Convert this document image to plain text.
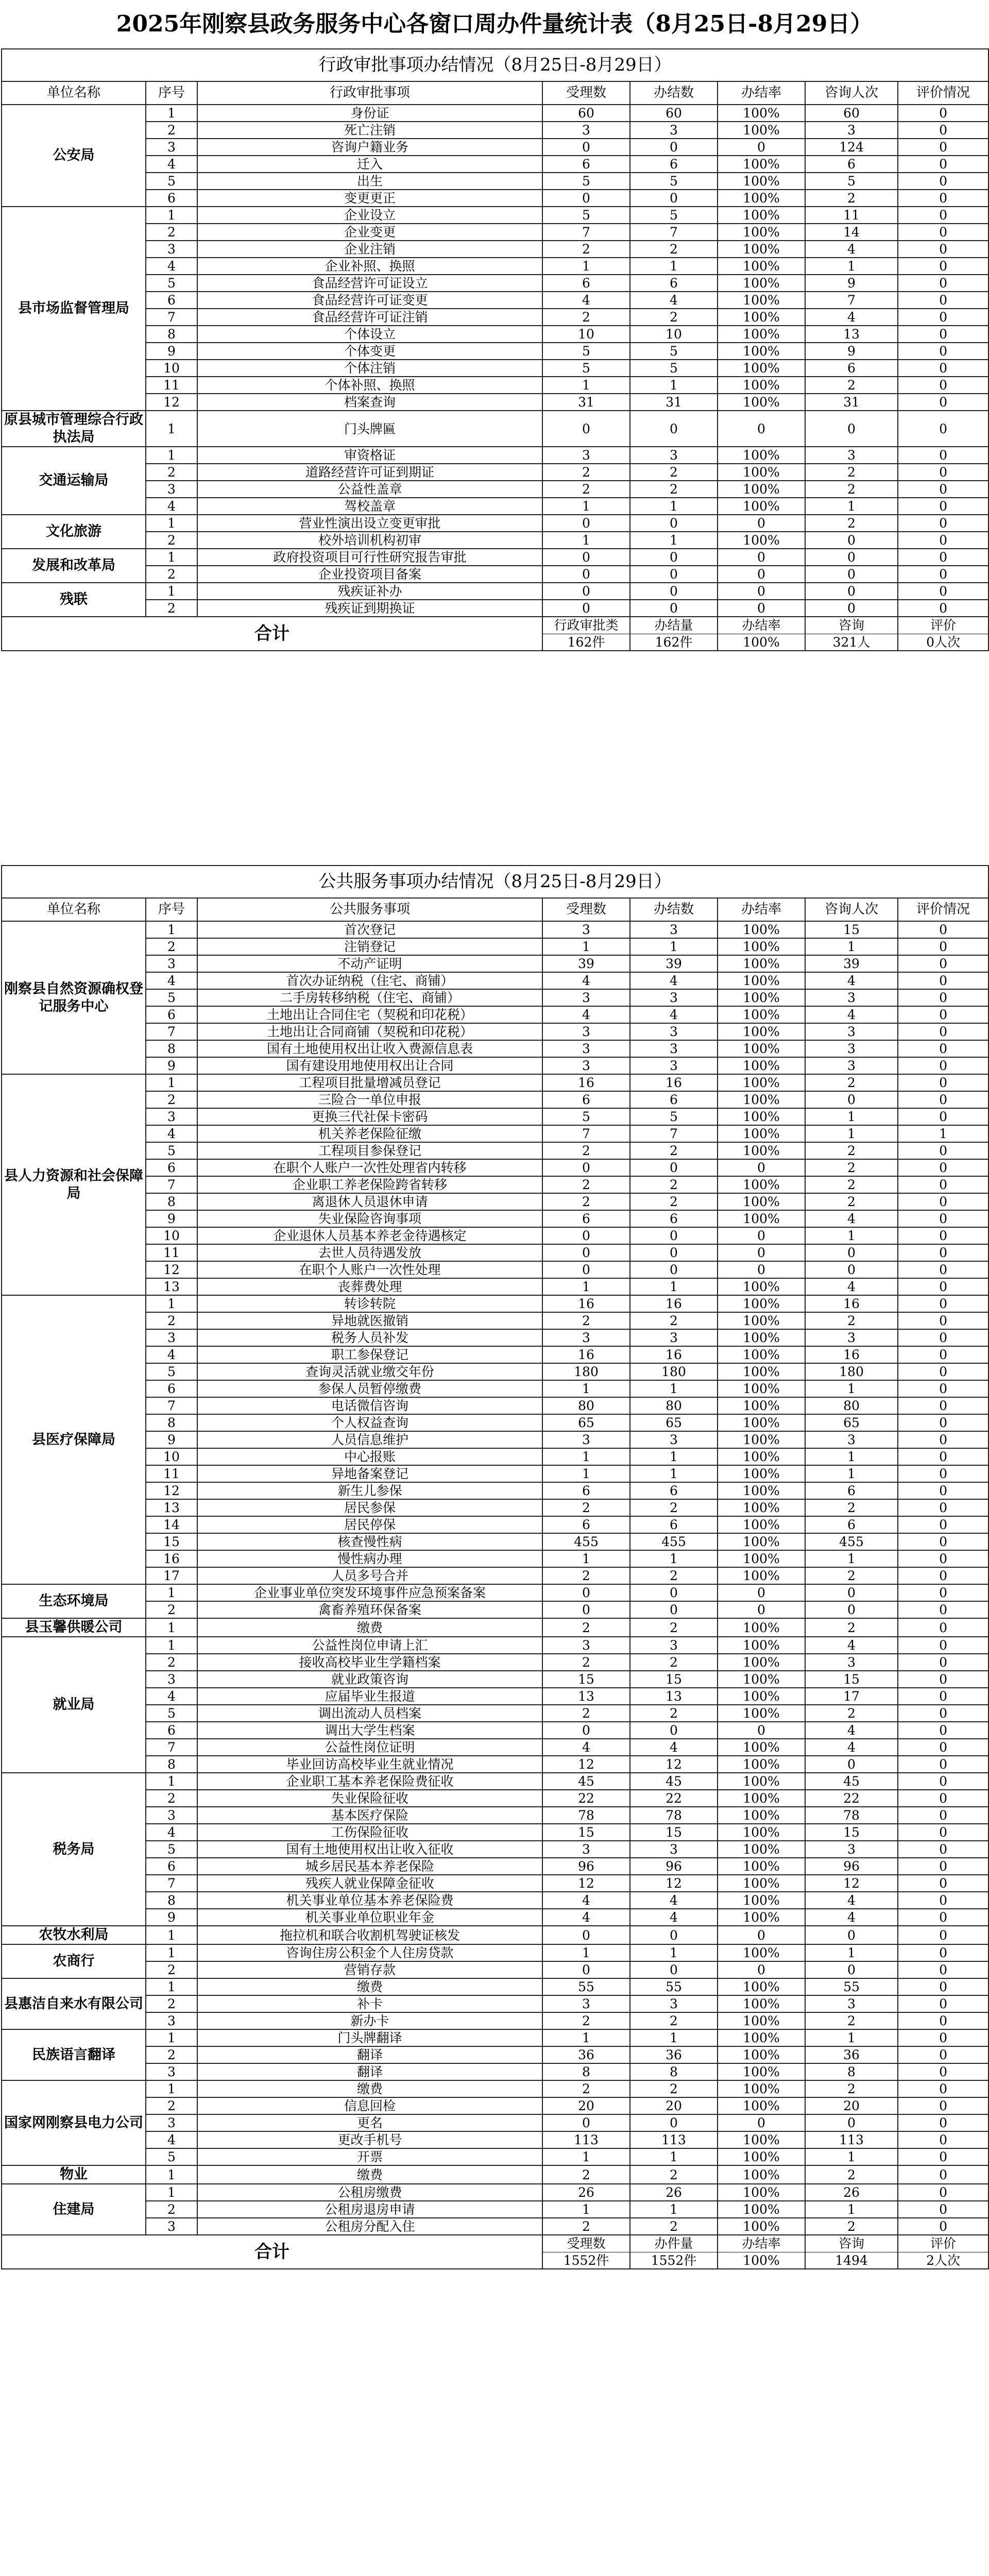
2025年刚察县政务服务中心各窗口周办件量统计表（8月25日-8月29日）
行政审批事项办结情况（8月25日-8月29日）							
单位名称	序号	行政审批事项	受理数	办结数	办结率	咨询人次	评价情况
公安局	1	身份证	60	60	100%	60	0
	2	死亡注销	3	3	100%	3	0
	3	咨询户籍业务	0	0	0	124	0
	4	迁入	6	6	100%	6	0
	5	出生	5	5	100%	5	0
	6	变更更正	0	0	100%	2	0
县市场监督管理局	1	企业设立	5	5	100%	11	0
	2	企业变更	7	7	100%	14	0
	3	企业注销	2	2	100%	4	0
	4	企业补照、换照	1	1	100%	1	0
	5	食品经营许可证设立	6	6	100%	9	0
	6	食品经营许可证变更	4	4	100%	7	0
	7	食品经营许可证注销	2	2	100%	4	0
	8	个体设立	10	10	100%	13	0
	9	个体变更	5	5	100%	9	0
	10	个体注销	5	5	100%	6	0
	11	个体补照、换照	1	1	100%	2	0
	12	档案查询	31	31	100%	31	0
原县城市管理综合行政执法局	1	门头牌匾	0	0	0	0	0
交通运输局	1	审资格证	3	3	100%	3	0
	2	道路经营许可证到期证	2	2	100%	2	0
	3	公益性盖章	2	2	100%	2	0
	4	驾校盖章	1	1	100%	1	0
文化旅游	1	营业性演出设立变更审批	0	0	0	2	0
	2	校外培训机构初审	1	1	100%	0	0
发展和改革局	1	政府投资项目可行性研究报告审批	0	0	0	0	0
	2	企业投资项目备案	0	0	0	0	0
残联	1	残疾证补办	0	0	0	0	0
	2	残疾证到期换证	0	0	0	0	0
合计			行政审批类	办结量	办结率	咨询	评价
			162件	162件	100%	321人	0人次
公共服务事项办结情况（8月25日-8月29日）							
单位名称	序号	公共服务事项	受理数	办结数	办结率	咨询人次	评价情况
刚察县自然资源确权登记服务中心	1	首次登记	3	3	100%	15	0
	2	注销登记	1	1	100%	1	0
	3	不动产证明	39	39	100%	39	0
	4	首次办证纳税（住宅、商铺）	4	4	100%	4	0
	5	二手房转移纳税（住宅、商铺）	3	3	100%	3	0
	6	土地出让合同住宅（契税和印花税）	4	4	100%	4	0
	7	土地出让合同商铺（契税和印花税）	3	3	100%	3	0
	8	国有土地使用权出让收入费源信息表	3	3	100%	3	0
	9	国有建设用地使用权出让合同	3	3	100%	3	0
县人力资源和社会保障局	1	工程项目批量增减员登记	16	16	100%	2	0
	2	三险合一单位申报	6	6	100%	0	0
	3	更换三代社保卡密码	5	5	100%	1	0
	4	机关养老保险征缴	7	7	100%	1	1
	5	工程项目参保登记	2	2	100%	2	0
	6	在职个人账户一次性处理省内转移	0	0	0	2	0
	7	企业职工养老保险跨省转移	2	2	100%	2	0
	8	离退休人员退休申请	2	2	100%	2	0
	9	失业保险咨询事项	6	6	100%	4	0
	10	企业退休人员基本养老金待遇核定	0	0	0	1	0
	11	去世人员待遇发放	0	0	0	0	0
	12	在职个人账户一次性处理	0	0	0	0	0
	13	丧葬费处理	1	1	100%	4	0
县医疗保障局	1	转诊转院	16	16	100%	16	0
	2	异地就医撤销	2	2	100%	2	0
	3	税务人员补发	3	3	100%	3	0
	4	职工参保登记	16	16	100%	16	0
	5	查询灵活就业缴交年份	180	180	100%	180	0
	6	参保人员暂停缴费	1	1	100%	1	0
	7	电话微信咨询	80	80	100%	80	0
	8	个人权益查询	65	65	100%	65	0
	9	人员信息维护	3	3	100%	3	0
	10	中心报账	1	1	100%	1	0
	11	异地备案登记	1	1	100%	1	0
	12	新生儿参保	6	6	100%	6	0
	13	居民参保	2	2	100%	2	0
	14	居民停保	6	6	100%	6	0
	15	核查慢性病	455	455	100%	455	0
	16	慢性病办理	1	1	100%	1	0
	17	人员多号合并	2	2	100%	2	0
生态环境局	1	企业事业单位突发环境事件应急预案备案	0	0	0	0	0
	2	禽畜养殖环保备案	0	0	0	0	0
县玉馨供暖公司	1	缴费	2	2	100%	2	0
就业局	1	公益性岗位申请上汇	3	3	100%	4	0
	2	接收高校毕业生学籍档案	2	2	100%	3	0
	3	就业政策咨询	15	15	100%	15	0
	4	应届毕业生报道	13	13	100%	17	0
	5	调出流动人员档案	2	2	100%	2	0
	6	调出大学生档案	0	0	0	4	0
	7	公益性岗位证明	4	4	100%	4	0
	8	毕业回访高校毕业生就业情况	12	12	100%	0	0
税务局	1	企业职工基本养老保险费征收	45	45	100%	45	0
	2	失业保险征收	22	22	100%	22	0
	3	基本医疗保险	78	78	100%	78	0
	4	工伤保险征收	15	15	100%	15	0
	5	国有土地使用权出让收入征收	3	3	100%	3	0
	6	城乡居民基本养老保险	96	96	100%	96	0
	7	残疾人就业保障金征收	12	12	100%	12	0
	8	机关事业单位基本养老保险费	4	4	100%	4	0
	9	机关事业单位职业年金	4	4	100%	4	0
农牧水利局	1	拖拉机和联合收割机驾驶证核发	0	0	0	0	0
农商行	1	咨询住房公积金个人住房贷款	1	1	100%	1	0
	2	营销存款	0	0	0	0	0
县惠洁自来水有限公司	1	缴费	55	55	100%	55	0
	2	补卡	3	3	100%	3	0
	3	新办卡	2	2	100%	2	0
民族语言翻译	1	门头牌翻译	1	1	100%	1	0
	2	翻译	36	36	100%	36	0
	3	翻译	8	8	100%	8	0
国家网刚察县电力公司	1	缴费	2	2	100%	2	0
	2	信息回检	20	20	100%	20	0
	3	更名	0	0	0	0	0
	4	更改手机号	113	113	100%	113	0
	5	开票	1	1	100%	1	0
物业	1	缴费	2	2	100%	2	0
住建局	1	公租房缴费	26	26	100%	26	0
	2	公租房退房申请	1	1	100%	1	0
	3	公租房分配入住	2	2	100%	2	0
合计			受理数	办件量	办结率	咨询	评价
			1552件	1552件	100%	1494	2人次
